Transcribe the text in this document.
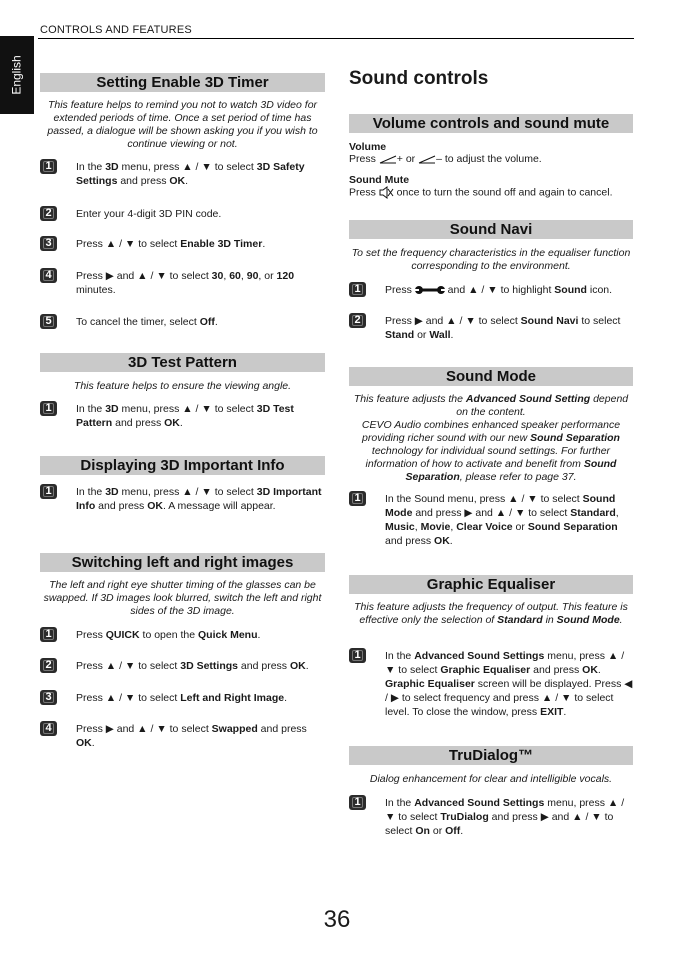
CONTROLS AND FEATURES
English	Setting Enable 3D Timer
This feature helps to remind you not to watch 3D video for extended periods of time. Once a set period of time has passed, a dialogue will be shown asking you if you wish to continue viewing or not.
1	In the 3D menu, press ▲ / ▼ to select 3D Safety Settings and press OK.
2	Enter your 4-digit 3D PIN code.
3	Press ▲ / ▼ to select Enable 3D Timer.
4	Press ▶ and ▲ / ▼ to select 30, 60, 90, or 120 minutes.
5	To cancel the timer, select Off.
3D Test Pattern
This feature helps to ensure the viewing angle.
1	In the 3D menu, press ▲ / ▼ to select 3D Test Pattern and press OK.
Displaying 3D Important Info
1	In the 3D menu, press ▲ / ▼ to select 3D Important Info and press OK. A message will appear.
Switching left and right images
The left and right eye shutter timing of the glasses can be swapped. If 3D images look blurred, switch the left and right sides of the 3D image.
1	Press QUICK to open the Quick Menu.
2	Press ▲ / ▼ to select 3D Settings and press OK.
3	Press ▲ / ▼ to select Left and Right Image.
4	Press ▶ and ▲ / ▼ to select Swapped and press OK.
Sound controls
Volume controls and sound mute
Volume
Press + or – to adjust the volume.
Sound Mute
Press  once to turn the sound off and again to cancel.
Sound Navi
To set the frequency characteristics in the equaliser function corresponding to the environment.
1	Press	and ▲ / ▼ to highlight Sound icon.
2	Press ▶ and ▲ / ▼ to select Sound Navi to select Stand or Wall.
Sound Mode
This feature adjusts the Advanced Sound Setting depend on the content.
CEVO Audio combines enhanced speaker performance providing richer sound with our new Sound Separation technology for individual sound settings. For further information of how to activate and benefit from Sound Separation, please refer to page 37.
1	In the Sound menu, press ▲ / ▼ to select Sound Mode and press ▶ and ▲ / ▼ to select Standard, Music, Movie, Clear Voice or Sound Separation and press OK.
Graphic Equaliser
This feature adjusts the frequency of output. This feature is effective only the selection of Standard in Sound Mode.
1	In the Advanced Sound Settings menu, press ▲ / ▼ to select Graphic Equaliser and press OK. Graphic Equaliser screen will be displayed. Press ◀ / ▶ to select frequency and press ▲ / ▼ to select level. To close the window, press EXIT.
TruDialog™
Dialog enhancement for clear and intelligible vocals.
1	In the Advanced Sound Settings menu, press ▲ / ▼ to select TruDialog and press ▶ and ▲ / ▼ to select On or Off.
36
